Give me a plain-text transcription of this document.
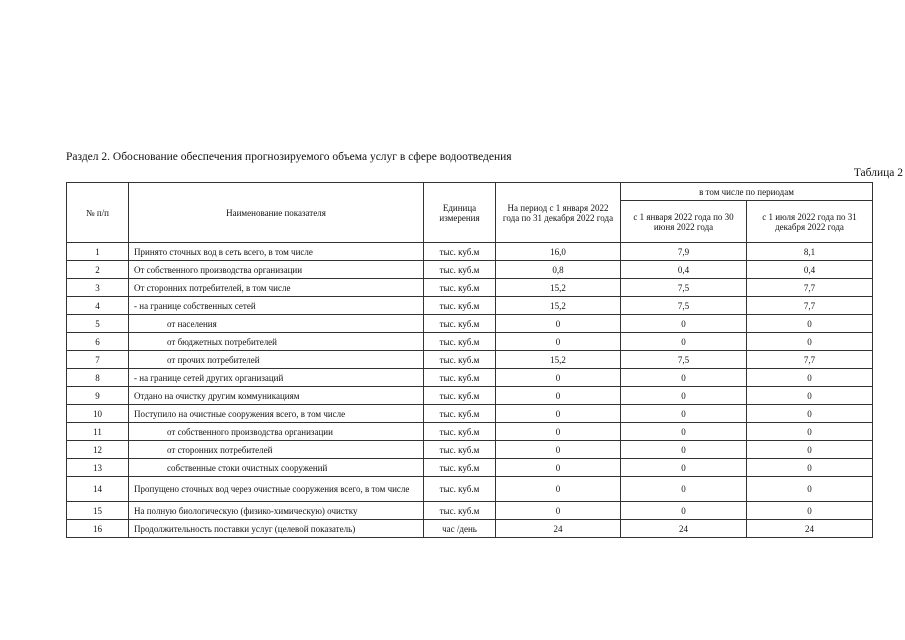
Раздел 2. Обоснование обеспечения прогнозируемого объема услуг в сфере водоотведения
Таблица 2
№ п/п	Наименование показателя	Единица измерения	На период с 1 января 2022 года по 31 декабря 2022 года	в том числе по периодам	
				с 1 января 2022 года по 30 июня 2022 года	с 1 июля 2022 года по 31 декабря 2022 года
1	Принято сточных вод в сеть всего, в том числе	тыс. куб.м	16,0	7,9	8,1
2	От собственного производства организации	тыс. куб.м	0,8	0,4	0,4
3	От сторонних потребителей, в том числе	тыс. куб.м	15,2	7,5	7,7
4	- на границе собственных сетей	тыс. куб.м	15,2	7,5	7,7
5	от населения	тыс. куб.м	0	0	0
6	от бюджетных потребителей	тыс. куб.м	0	0	0
7	от прочих потребителей	тыс. куб.м	15,2	7,5	7,7
8	- на границе сетей других организаций	тыс. куб.м	0	0	0
9	Отдано на очистку другим коммуникациям	тыс. куб.м	0	0	0
10	Поступило на очистные сооружения всего, в том числе	тыс. куб.м	0	0	0
11	от собственного производства организации	тыс. куб.м	0	0	0
12	от сторонних потребителей	тыс. куб.м	0	0	0
13	собственные стоки очистных сооружений	тыс. куб.м	0	0	0
14	Пропущено сточных вод через очистные сооружения всего, в том числе	тыс. куб.м	0	0	0
15	На полную биологическую (физико-химическую) очистку	тыс. куб.м	0	0	0
16	Продолжительность поставки услуг (целевой показатель)	час /день	24	24	24
